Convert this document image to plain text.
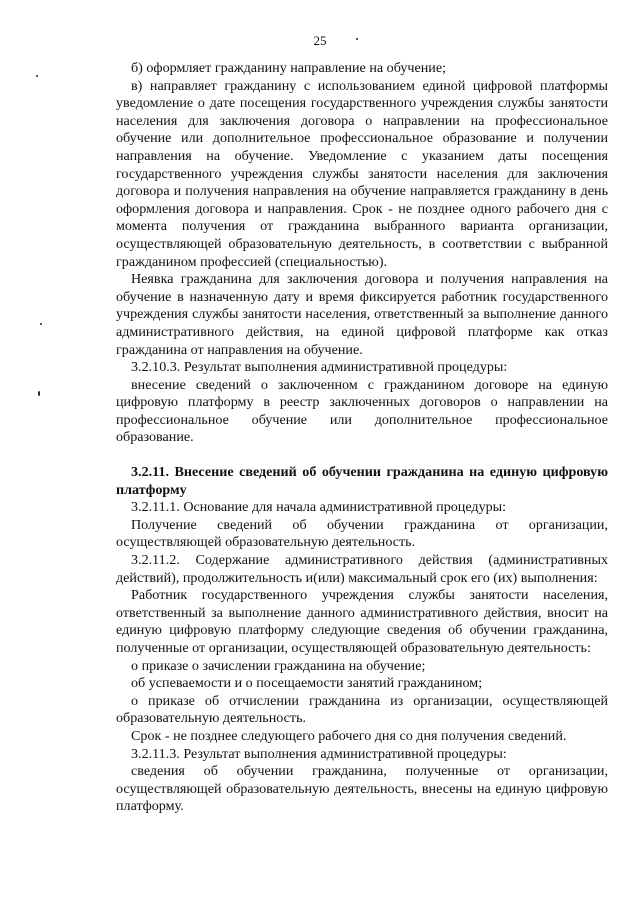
25

б) оформляет гражданину направление на обучение;

в) направляет гражданину с использованием единой цифровой платформы уведомление о дате посещения государственного учреждения службы занятости населения для заключения договора о направлении на профессиональное обучение или дополнительное профессиональное образование и получении направления на обучение. Уведомление с указанием даты посещения государственного учреждения службы занятости населения для заключения договора и получения направления на обучение направляется гражданину в день оформления договора и направления. Срок - не позднее одного рабочего дня с момента получения от гражданина выбранного варианта организации, осуществляющей образовательную деятельность, в соответствии с выбранной гражданином профессией (специальностью).

Неявка гражданина для заключения договора и получения направления на обучение в назначенную дату и время фиксируется работник государственного учреждения службы занятости населения, ответственный за выполнение данного административного действия, на единой цифровой платформе как отказ гражданина от направления на обучение.

3.2.10.3. Результат выполнения административной процедуры:

внесение сведений о заключенном с гражданином договоре на единую цифровую платформу в реестр заключенных договоров о направлении на профессиональное обучение или дополнительное профессиональное образование.

3.2.11. Внесение сведений об обучении гражданина на единую цифровую платформу

3.2.11.1. Основание для начала административной процедуры:

Получение сведений об обучении гражданина от организации, осуществляющей образовательную деятельность.

3.2.11.2. Содержание административного действия (административных действий), продолжительность и(или) максимальный срок его (их) выполнения:

Работник государственного учреждения службы занятости населения, ответственный за выполнение данного административного действия, вносит на единую цифровую платформу следующие сведения об обучении гражданина, полученные от организации, осуществляющей образовательную деятельность:

о приказе о зачислении гражданина на обучение;

об успеваемости и о посещаемости занятий гражданином;

о приказе об отчислении гражданина из организации, осуществляющей образовательную деятельность.

Срок - не позднее следующего рабочего дня со дня получения сведений.

3.2.11.3. Результат выполнения административной процедуры:

сведения об обучении гражданина, полученные от организации, осуществляющей образовательную деятельность, внесены на единую цифровую платформу.
